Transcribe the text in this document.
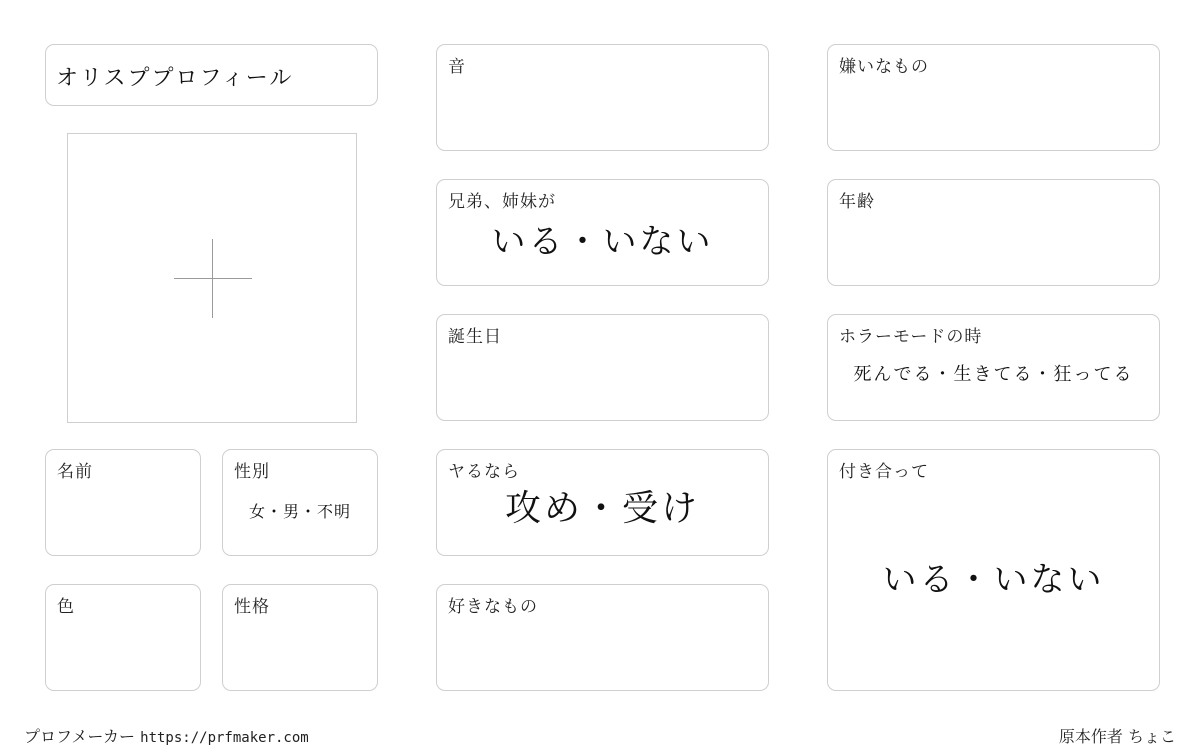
オリスププロフィール
名前	性別
女・男・不明
色	性格
音
兄弟、姉妹が
いる・いない
誕生日
ヤるなら
攻め・受け
好きなもの
嫌いなもの
年齢
ホラーモードの時
死んでる・生きてる・狂ってる
付き合って
いる・いない
プロフメーカー https://prfmaker.com	原本作者 ちょこ
